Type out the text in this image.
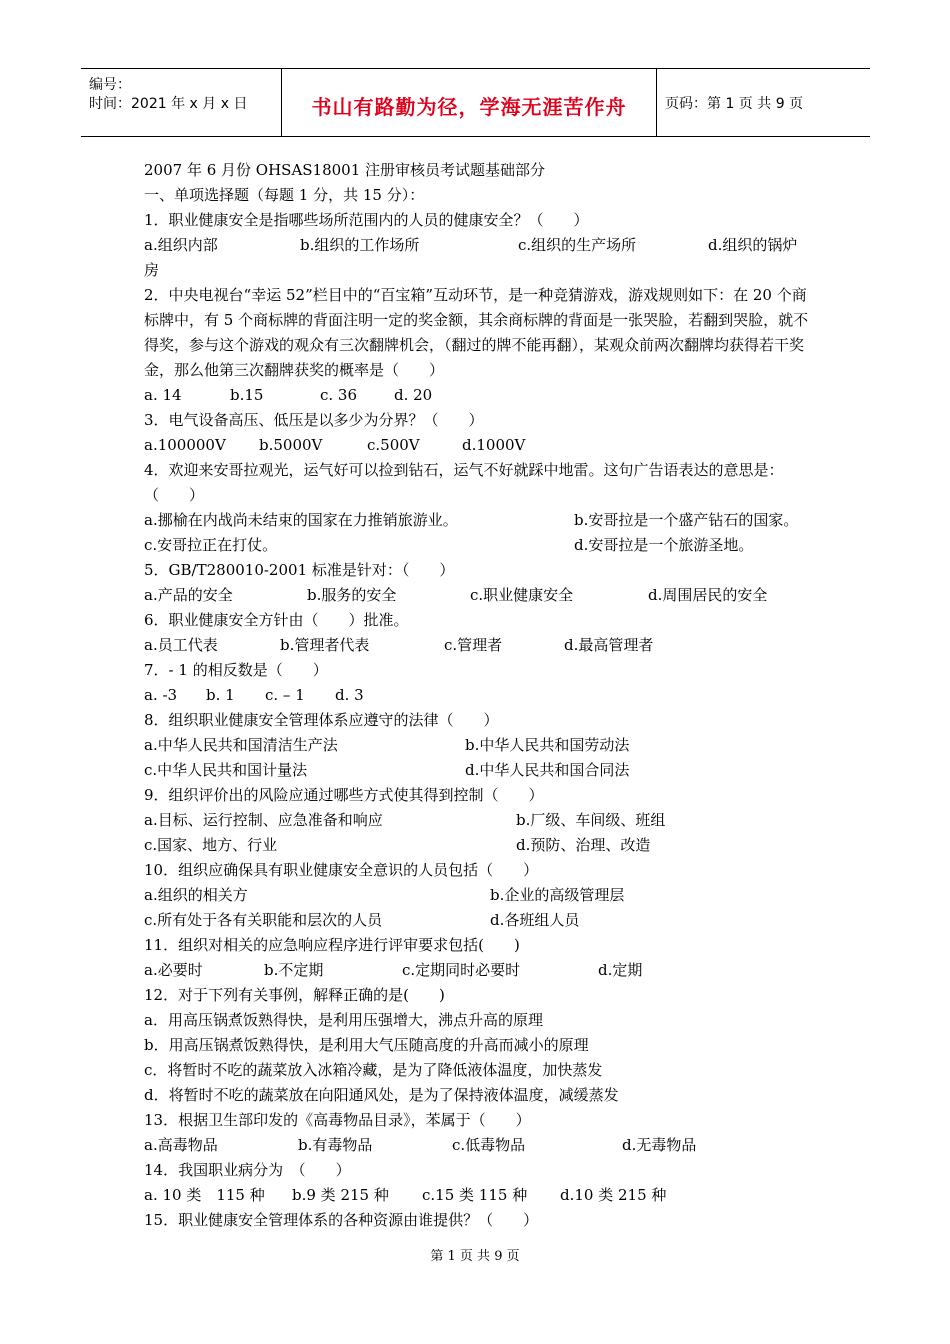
编号：
时间：2021 年 x 月 x 日	书山有路勤为径，学海无涯苦作舟	页码：第 1 页 共 9 页
2007 年 6 月份 OHSAS18001 注册审核员考试题基础部分
一、单项选择题（每题 1 分，共 15 分）：
1．职业健康安全是指哪些场所范围内的人员的健康安全？（　　）
a.组织内部	b.组织的工作场所	c.组织的生产场所	d.组织的锅炉
房
2．中央电视台“幸运 52”栏目中的“百宝箱”互动环节，是一种竞猜游戏，游戏规则如下：在 20 个商标牌中，有 5 个商标牌的背面注明一定的奖金额，其余商标牌的背面是一张哭脸，若翻到哭脸，就不得奖，参与这个游戏的观众有三次翻牌机会，（翻过的牌不能再翻），某观众前两次翻牌均获得若干奖金，那么他第三次翻牌获奖的概率是（　　）
a. 14	b.15	c. 36 d. 20
3．电气设备高压、低压是以多少为分界？（　　）
a.100000V b.5000V	c.500V	d.1000V
4．欢迎来安哥拉观光，运气好可以捡到钻石，运气不好就踩中地雷。这句广告语表达的意思是：（　　）
a.挪榆在内战尚未结束的国家在力推销旅游业。	b.安哥拉是一个盛产钻石的国家。
c.安哥拉正在打仗。	d.安哥拉是一个旅游圣地。
5．GB/T280010-2001 标准是针对：（　　）
a.产品的安全	b.服务的安全	c.职业健康安全	d.周围居民的安全
6．职业健康安全方针由（　　）批准。
a.员工代表	b.管理者代表	c.管理者	d.最高管理者
7．- 1 的相反数是（　　）
a. -3 b. 1 c. – 1 d. 3
8．组织职业健康安全管理体系应遵守的法律（　　）
a.中华人民共和国清洁生产法	b.中华人民共和国劳动法
c.中华人民共和国计量法	d.中华人民共和国合同法
9．组织评价出的风险应通过哪些方式使其得到控制（　　）
a.目标、运行控制、应急准备和响应	b.厂级、车间级、班组
c.国家、地方、行业	d.预防、治理、改造
10．组织应确保具有职业健康安全意识的人员包括（　　）
a.组织的相关方	b.企业的高级管理层
c.所有处于各有关职能和层次的人员	d.各班组人员
11．组织对相关的应急响应程序进行评审要求包括(　　)
a.必要时	b.不定期	c.定期同时必要时	d.定期
12．对于下列有关事例，解释正确的是(　　)
a．用高压锅煮饭熟得快，是利用压强增大，沸点升高的原理
b．用高压锅煮饭熟得快，是利用大气压随高度的升高而减小的原理
c．将暂时不吃的蔬菜放入冰箱冷藏，是为了降低液体温度，加快蒸发
d．将暂时不吃的蔬菜放在向阳通风处，是为了保持液体温度，减缓蒸发
13．根据卫生部印发的《高毒物品目录》，苯属于（　　）
a.高毒物品	b.有毒物品	c.低毒物品	d.无毒物品
14．我国职业病分为　（　　）
a. 10 类　115 种 b.9 类 215 种 c.15 类 115 种 d.10 类 215 种
15．职业健康安全管理体系的各种资源由谁提供？（　　）
第 1 页 共 9 页
